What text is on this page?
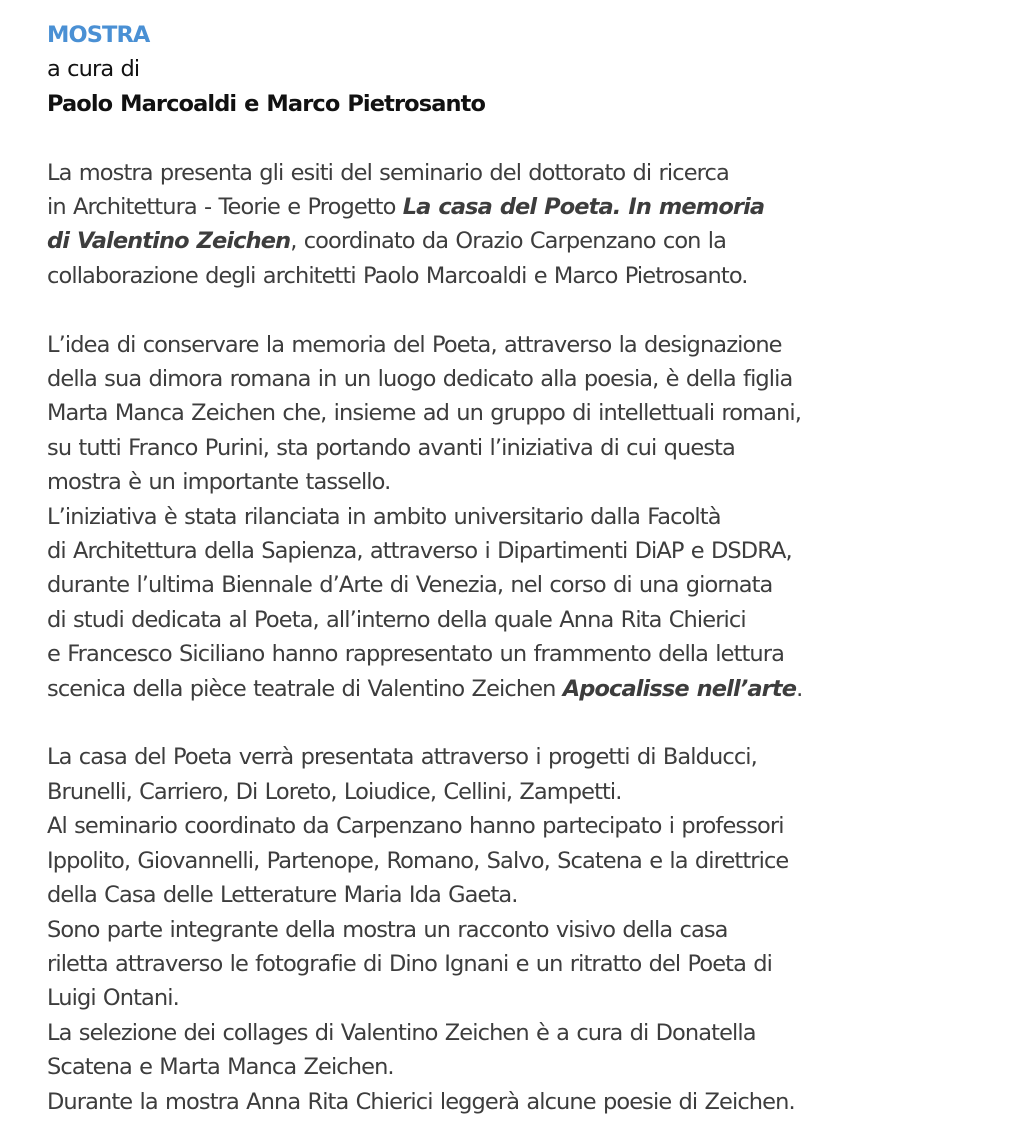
MOSTRA
a cura di
Paolo Marcoaldi e Marco Pietrosanto
La mostra presenta gli esiti del seminario del dottorato di ricerca
in Architettura - Teorie e Progetto La casa del Poeta. In memoria
di Valentino Zeichen, coordinato da Orazio Carpenzano con la
collaborazione degli architetti Paolo Marcoaldi e Marco Pietrosanto.
L’idea di conservare la memoria del Poeta, attraverso la designazione
della sua dimora romana in un luogo dedicato alla poesia, è della figlia
Marta Manca Zeichen che, insieme ad un gruppo di intellettuali romani,
su tutti Franco Purini, sta portando avanti l’iniziativa di cui questa
mostra è un importante tassello.
L’iniziativa è stata rilanciata in ambito universitario dalla Facoltà
di Architettura della Sapienza, attraverso i Dipartimenti DiAP e DSDRA,
durante l’ultima Biennale d’Arte di Venezia, nel corso di una giornata
di studi dedicata al Poeta, all’interno della quale Anna Rita Chierici
e Francesco Siciliano hanno rappresentato un frammento della lettura
scenica della pièce teatrale di Valentino Zeichen Apocalisse nell’arte.
La casa del Poeta verrà presentata attraverso i progetti di Balducci,
Brunelli, Carriero, Di Loreto, Loiudice, Cellini, Zampetti.
Al seminario coordinato da Carpenzano hanno partecipato i professori
Ippolito, Giovannelli, Partenope, Romano, Salvo, Scatena e la direttrice
della Casa delle Letterature Maria Ida Gaeta.
Sono parte integrante della mostra un racconto visivo della casa
riletta attraverso le fotografie di Dino Ignani e un ritratto del Poeta di
Luigi Ontani.
La selezione dei collages di Valentino Zeichen è a cura di Donatella
Scatena e Marta Manca Zeichen.
Durante la mostra Anna Rita Chierici leggerà alcune poesie di Zeichen.
